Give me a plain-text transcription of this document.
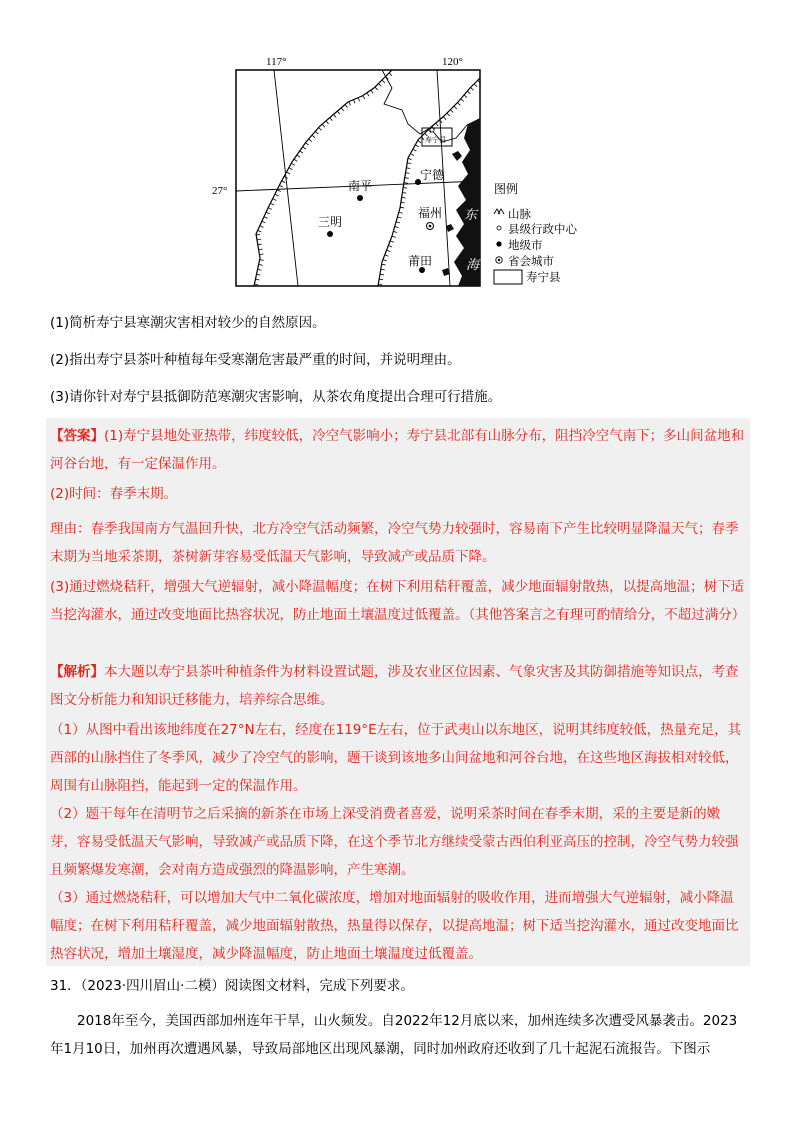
117°	120°
27°	南平
三明
宁德
福州
莆田
寿宁县
东
海
图例
山脉
县级行政中心
地级市
省会城市
寿宁县
(1)简析寿宁县寒潮灾害相对较少的自然原因。
(2)指出寿宁县茶叶种植每年受寒潮危害最严重的时间，并说明理由。
(3)请你针对寿宁县抵御防范寒潮灾害影响，从茶农角度提出合理可行措施。

【答案】(1)寿宁县地处亚热带，纬度较低，冷空气影响小；寿宁县北部有山脉分布，阻挡冷空气南下；多山间盆地和河谷台地，有一定保温作用。

(2)时间：春季末期。

理由：春季我国南方气温回升快，北方冷空气活动频繁，冷空气势力较强时，容易南下产生比较明显降温天气；春季末期为当地采茶期，茶树新芽容易受低温天气影响，导致减产或品质下降。

(3)通过燃烧秸秆，增强大气逆辐射，减小降温幅度；在树下利用秸秆覆盖，减少地面辐射散热，以提高地温；树下适当挖沟灌水，通过改变地面比热容状况，防止地面土壤温度过低覆盖。（其他答案言之有理可酌情给分，不超过满分）

【解析】本大题以寿宁县茶叶种植条件为材料设置试题，涉及农业区位因素、气象灾害及其防御措施等知识点，考查图文分析能力和知识迁移能力，培养综合思维。

（1）从图中看出该地纬度在27°N左右，经度在119°E左右，位于武夷山以东地区，说明其纬度较低，热量充足，其西部的山脉挡住了冬季风，减少了冷空气的影响，题干谈到该地多山间盆地和河谷台地，在这些地区海拔相对较低，周围有山脉阻挡，能起到一定的保温作用。

（2）题干每年在清明节之后采摘的新茶在市场上深受消费者喜爱，说明采茶时间在春季末期，采的主要是新的嫩芽，容易受低温天气影响，导致减产或品质下降，在这个季节北方继续受蒙古西伯利亚高压的控制，冷空气势力较强且频繁爆发寒潮，会对南方造成强烈的降温影响，产生寒潮。

（3）通过燃烧秸秆，可以增加大气中二氧化碳浓度，增加对地面辐射的吸收作用，进而增强大气逆辐射，减小降温幅度；在树下利用秸秆覆盖，减少地面辐射散热，热量得以保存，以提高地温；树下适当挖沟灌水，通过改变地面比热容状况，增加土壤湿度，减少降温幅度，防止地面土壤温度过低覆盖。

31．（2023·四川眉山·二模）阅读图文材料，完成下列要求。
2018年至今，美国西部加州连年干旱，山火频发。自2022年12月底以来，加州连续多次遭受风暴袭击。2023年1月10日，加州再次遭遇风暴，导致局部地区出现风暴潮，同时加州政府还收到了几十起泥石流报告。下图示
